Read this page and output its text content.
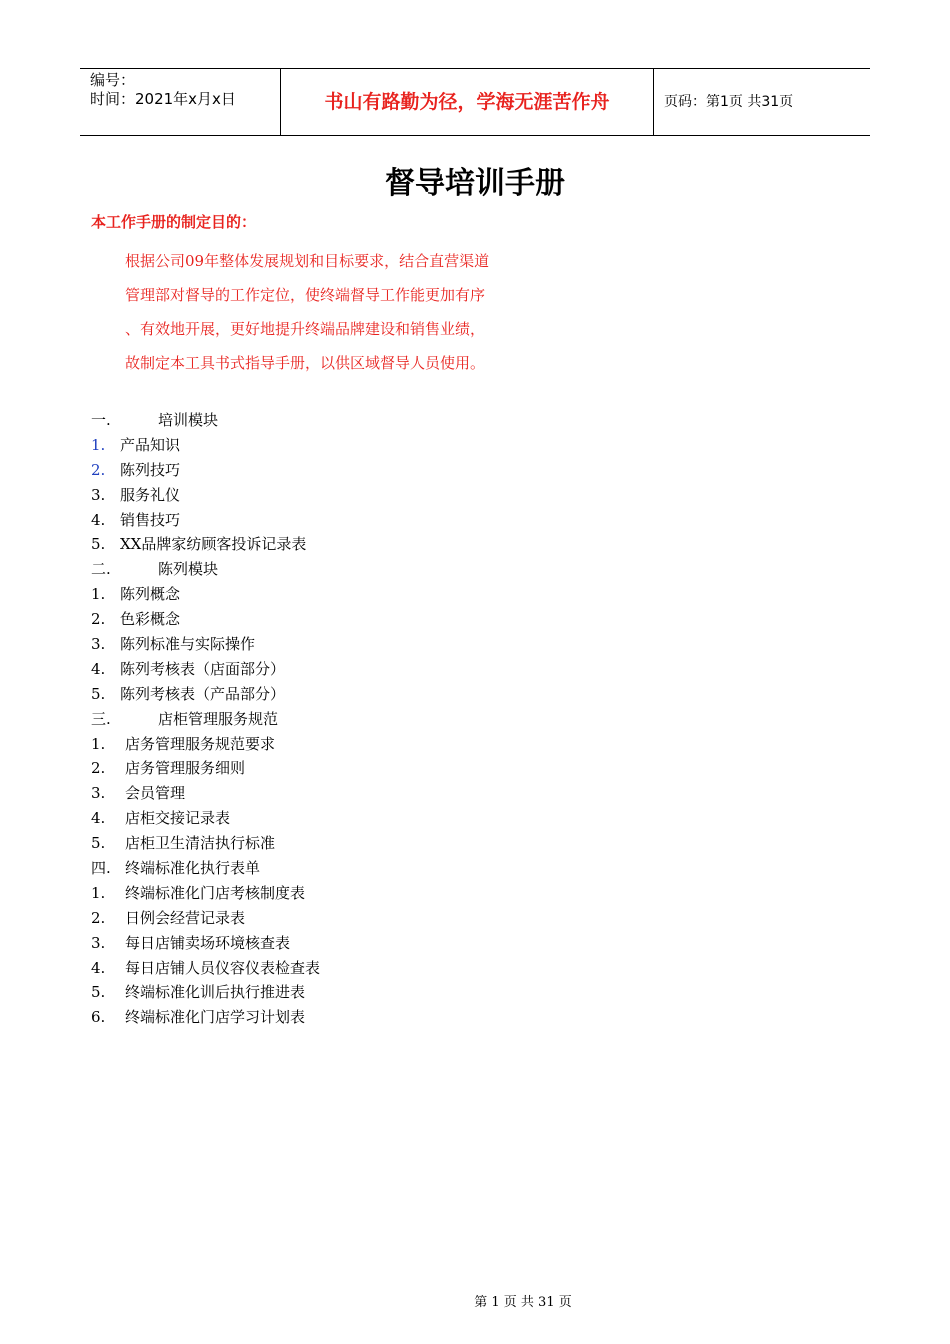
编号：
时间：2021年x月x日	书山有路勤为径，学海无涯苦作舟	页码：第1页 共31页
督导培训手册
本工作手册的制定目的：
根据公司09年整体发展规划和目标要求，结合直营渠道
管理部对督导的工作定位，使终端督导工作能更加有序
、有效地开展，更好地提升终端品牌建设和销售业绩，
故制定本工具书式指导手册，以供区域督导人员使用。
一.	培训模块
1. 产品知识
2. 陈列技巧
3. 服务礼仪
4. 销售技巧
5. XX品牌家纺顾客投诉记录表
二.	陈列模块
1. 陈列概念
2. 色彩概念
3. 陈列标准与实际操作
4. 陈列考核表（店面部分）
5. 陈列考核表（产品部分）
三.	店柜管理服务规范
1. 店务管理服务规范要求
2. 店务管理服务细则
3. 会员管理
4. 店柜交接记录表
5. 店柜卫生清洁执行标准
四. 终端标准化执行表单
1. 终端标准化门店考核制度表
2. 日例会经营记录表
3. 每日店铺卖场环境核查表
4. 每日店铺人员仪容仪表检查表
5. 终端标准化训后执行推进表
6. 终端标准化门店学习计划表
第 1 页 共 31 页
